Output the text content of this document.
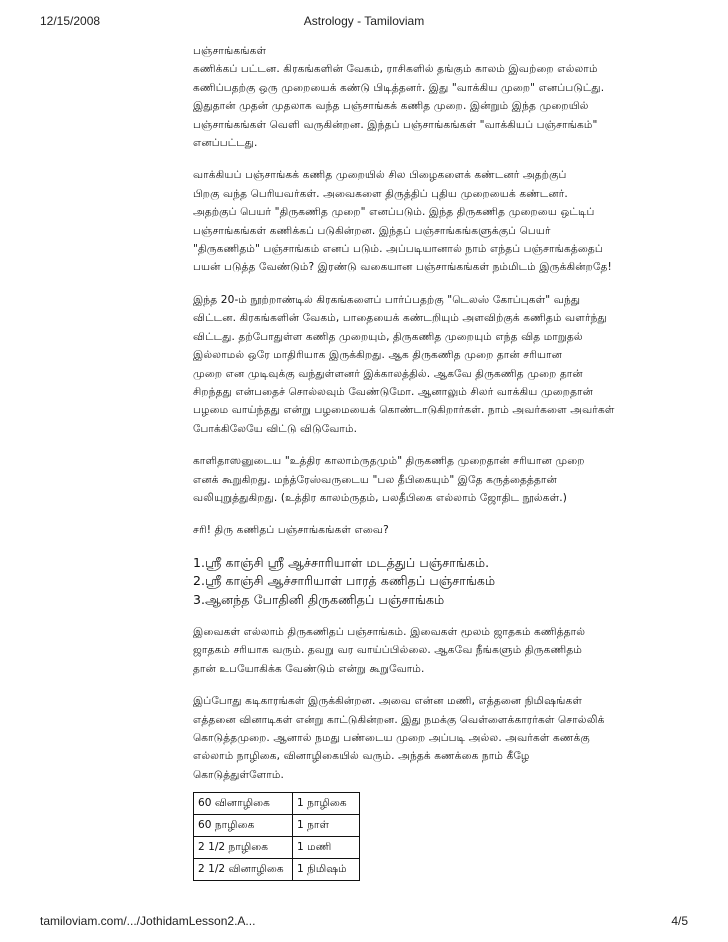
12/15/2008	Astrology - Tamiloviam
பஞ்சாங்கங்கள்
கணிக்கப் பட்டன. கிரகங்களின் வேகம், ராசிகளில் தங்கும் காலம் இவற்றை எல்லாம்
கணிப்பதற்கு ஒரு முறையைக் கண்டு பிடித்தனர். இது "வாக்கிய முறை" எனப்படுட்து.
இதுதான் முதன் முதலாக வந்த பஞ்சாங்கக் கணித முறை. இன்றும் இந்த முறையில்
பஞ்சாங்கங்கள் வெளி வருகின்றன. இந்தப் பஞ்சாங்கங்கள் "வாக்கியப் பஞ்சாங்கம்"
எனப்பட்டது.
வாக்கியப் பஞ்சாங்கக் கணித முறையில் சில பிழைகளைக் கண்டனர் அதற்குப்
பிறகு வந்த பெரியவர்கள். அவைகளை திருத்திப் புதிய முறையைக் கண்டனர்.
அதற்குப் பெயர் "திருகணித முறை" எனப்படும். இந்த திருகணித முறையை ஒட்டிப்
பஞ்சாங்கங்கள் கணிக்கப் படுகின்றன. இந்தப் பஞ்சாங்கங்களுக்குப் பெயர்
"திருகணிதம்" பஞ்சாங்கம் எனப் படும். அப்படியானால் நாம் எந்தப் பஞ்சாங்கத்தைப்
பயன் படுத்த வேண்டும்? இரண்டு வகையான பஞ்சாங்கங்கள் நம்மிடம் இருக்கின்றதே!
இந்த 20-ம் நூற்றாண்டில் கிரகங்களைப் பார்ப்பதற்கு "டெலஸ் கோப்புகள்" வந்து
விட்டன. கிரகங்களின் வேகம், பாதையைக் கண்டறியும் அளவிற்குக் கணிதம் வளர்ந்து
விட்டது. தற்போதுள்ள கணித முறையும், திருகணித முறையும் எந்த வித மாறுதல்
இல்லாமல் ஒரே மாதிரியாக இருக்கிறது. ஆக திருகணித முறை தான் சரியான
முறை என முடிவுக்கு வந்துள்ளனர் இக்காலத்தில். ஆகவே திருகணித முறை தான்
சிறந்தது என்பதைச் சொல்லவும் வேண்டுமோ. ஆனாலும் சிலர் வாக்கிய முறைதான்
பழமை வாய்ந்தது என்று பழமையைக் கொண்டாடுகிறார்கள். நாம் அவர்களை அவர்கள்
போக்கிலேயே விட்டு விடுவோம்.
காளிதாஸனுடைய "உத்திர காலாம்ருதமும்" திருகணித முறைதான் சரியான முறை
எனக் கூறுகிறது. மந்த்ரேஸ்வருடைய "பல தீபிகையும்" இதே கருத்தைத்தான்
வலியுறுத்துகிறது. (உத்திர காலம்ருதம், பலதீபிகை எல்லாம் ஜோதிட நூல்கள்.)
சரி! திரு கணிதப் பஞ்சாங்கங்கள் எவை?
1.ஸ்ரீ காஞ்சி ஸ்ரீ ஆச்சாரியாள் மடத்துப் பஞ்சாங்கம்.
2.ஸ்ரீ காஞ்சி ஆச்சாரியாள் பாரத் கணிதப் பஞ்சாங்கம்
3.ஆனந்த போதினி திருகணிதப் பஞ்சாங்கம்
இவைகள் எல்லாம் திருகணிதப் பஞ்சாங்கம். இவைகள் மூலம் ஜாதகம் கணித்தால்
ஜாதகம் சரியாக வரும். தவறு வர வாய்ப்பில்லை. ஆகவே நீங்களும் திருகணிதம்
தான் உபயோகிக்க வேண்டும் என்று கூறுவோம்.
இப்போது கடிகாரங்கள் இருக்கின்றன. அவை என்ன மணி, எத்தனை நிமிஷங்கள்
எத்தனை வினாடிகள் என்று காட்டுகின்றன. இது நமக்கு வெள்ளைக்காரர்கள் சொல்லிக்
கொடுத்தமுறை. ஆனால் நமது பண்டைய முறை அப்படி அல்ல. அவர்கள் கணக்கு
எல்லாம் நாழிகை, வினாழிகையில் வரும். அந்தக் கணக்கை நாம் கீழே
கொடுத்துள்ளோம்.
60 வினாழிகை	1 நாழிகை
60 நாழிகை	1 நாள்
2 1/2 நாழிகை	1 மணி
2 1/2 வினாழிகை	1 நிமிஷம்
tamiloviam.com/.../JothidamLesson2.A...	4/5
